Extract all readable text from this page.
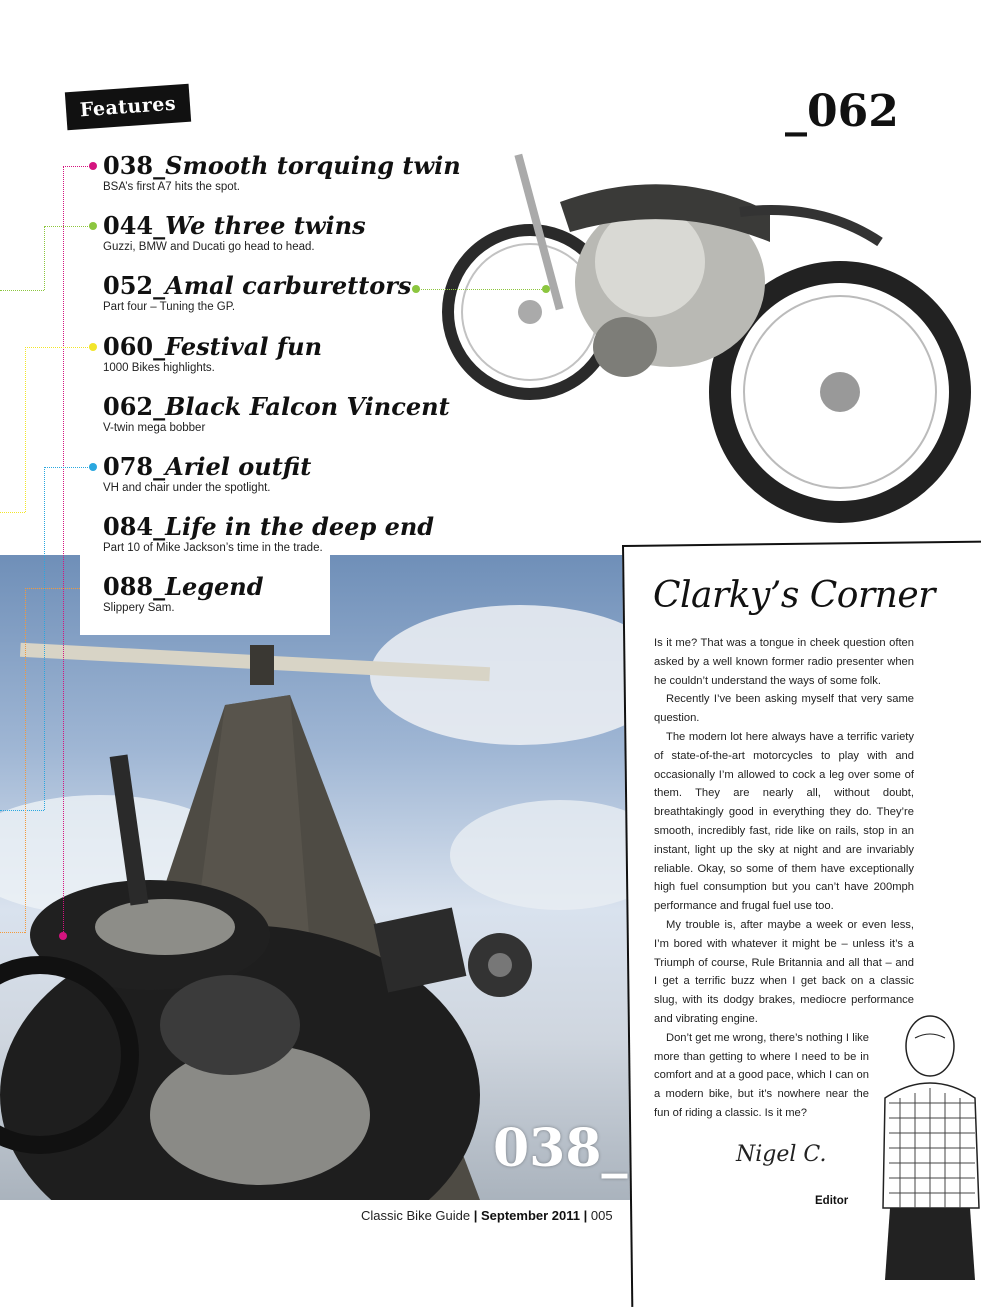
Features
038_Smooth torquing twin
BSA’s first A7 hits the spot.
044_We three twins
Guzzi, BMW and Ducati go head to head.
052_Amal carburettors
Part four – Tuning the GP.
060_Festival fun
1000 Bikes highlights.
062_Black Falcon Vincent
V-twin mega bobber
078_Ariel outfit
VH and chair under the spotlight.
084_Life in the deep end
Part 10 of Mike Jackson’s time in the trade.
088_Legend
Slippery Sam.
_062
038_
Clarky’s Corner

Is it me? That was a tongue in cheek question often asked by a well known former radio presenter when he couldn’t understand the ways of some folk.

Recently I’ve been asking myself that very same question.

The modern lot here always have a terrific variety of state-of-the-art motorcycles to play with and occasionally I’m allowed to cock a leg over some of them. They are nearly all, without doubt, breathtakingly good in everything they do. They’re smooth, incredibly fast, ride like on rails, stop in an instant, light up the sky at night and are invariably reliable. Okay, so some of them have exceptionally high fuel consumption but you can’t have 200mph performance and frugal fuel use too.

My trouble is, after maybe a week or even less, I’m bored with whatever it might be – unless it’s a Triumph of course, Rule Britannia and all that – and I get a terrific buzz when I get back on a classic slug, with its dodgy brakes, mediocre performance and vibrating engine.

Don’t get me wrong, there’s nothing I like more than getting to where I need to be in comfort and at a good pace, which I can on a modern bike, but it’s nowhere near the fun of riding a classic. Is it me?

Nigel C.
Editor
Classic Bike Guide | September 2011 | 005
